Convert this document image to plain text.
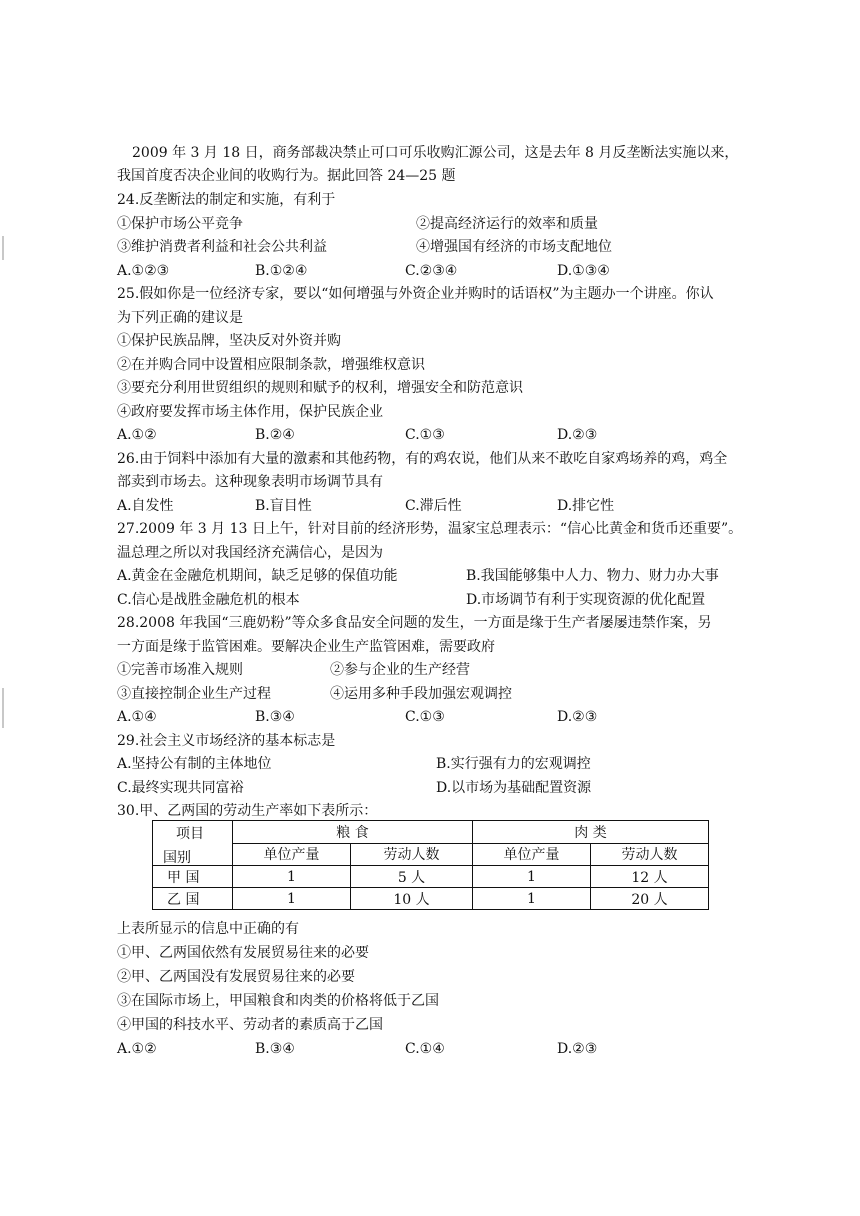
2009 年 3 月 18 日，商务部裁决禁止可口可乐收购汇源公司，这是去年 8 月反垄断法实施以来，
我国首度否决企业间的收购行为。据此回答 24—25 题
24.反垄断法的制定和实施，有利于
①保护市场公平竞争	②提高经济运行的效率和质量
③维护消费者利益和社会公共利益	④增强国有经济的市场支配地位
A.①②③	B.①②④	C.②③④	D.①③④
25.假如你是一位经济专家，要以“如何增强与外资企业并购时的话语权”为主题办一个讲座。你认
为下列正确的建议是
①保护民族品牌，坚决反对外资并购
②在并购合同中设置相应限制条款，增强维权意识
③要充分利用世贸组织的规则和赋予的权利，增强安全和防范意识
④政府要发挥市场主体作用，保护民族企业
A.①②	B.②④	C.①③	D.②③
26.由于饲料中添加有大量的激素和其他药物，有的鸡农说，他们从来不敢吃自家鸡场养的鸡，鸡全
部卖到市场去。这种现象表明市场调节具有
A.自发性	B.盲目性	C.滞后性	D.排它性
27.2009 年 3 月 13 日上午，针对目前的经济形势，温家宝总理表示：“信心比黄金和货币还重要”。
温总理之所以对我国经济充满信心，是因为
A.黄金在金融危机期间，缺乏足够的保值功能	B.我国能够集中人力、物力、财力办大事
C.信心是战胜金融危机的根本	D.市场调节有利于实现资源的优化配置
28.2008 年我国“三鹿奶粉”等众多食品安全问题的发生，一方面是缘于生产者屡屡违禁作案，另
一方面是缘于监管困难。要解决企业生产监管困难，需要政府
①完善市场准入规则	②参与企业的生产经营
③直接控制企业生产过程	④运用多种手段加强宏观调控
A.①④	B.③④	C.①③	D.②③
29.社会主义市场经济的基本标志是
A.坚持公有制的主体地位	B.实行强有力的宏观调控
C.最终实现共同富裕	D.以市场为基础配置资源
30.甲、乙两国的劳动生产率如下表所示：
项目
国别	粮 食		肉 类	
	单位产量	劳动人数	单位产量	劳动人数
甲 国	1	5 人	1	12 人
乙 国	1	10 人	1	20 人
上表所显示的信息中正确的有
①甲、乙两国依然有发展贸易往来的必要
②甲、乙两国没有发展贸易往来的必要
③在国际市场上，甲国粮食和肉类的价格将低于乙国
④甲国的科技水平、劳动者的素质高于乙国
A.①②	B.③④	C.①④	D.②③
